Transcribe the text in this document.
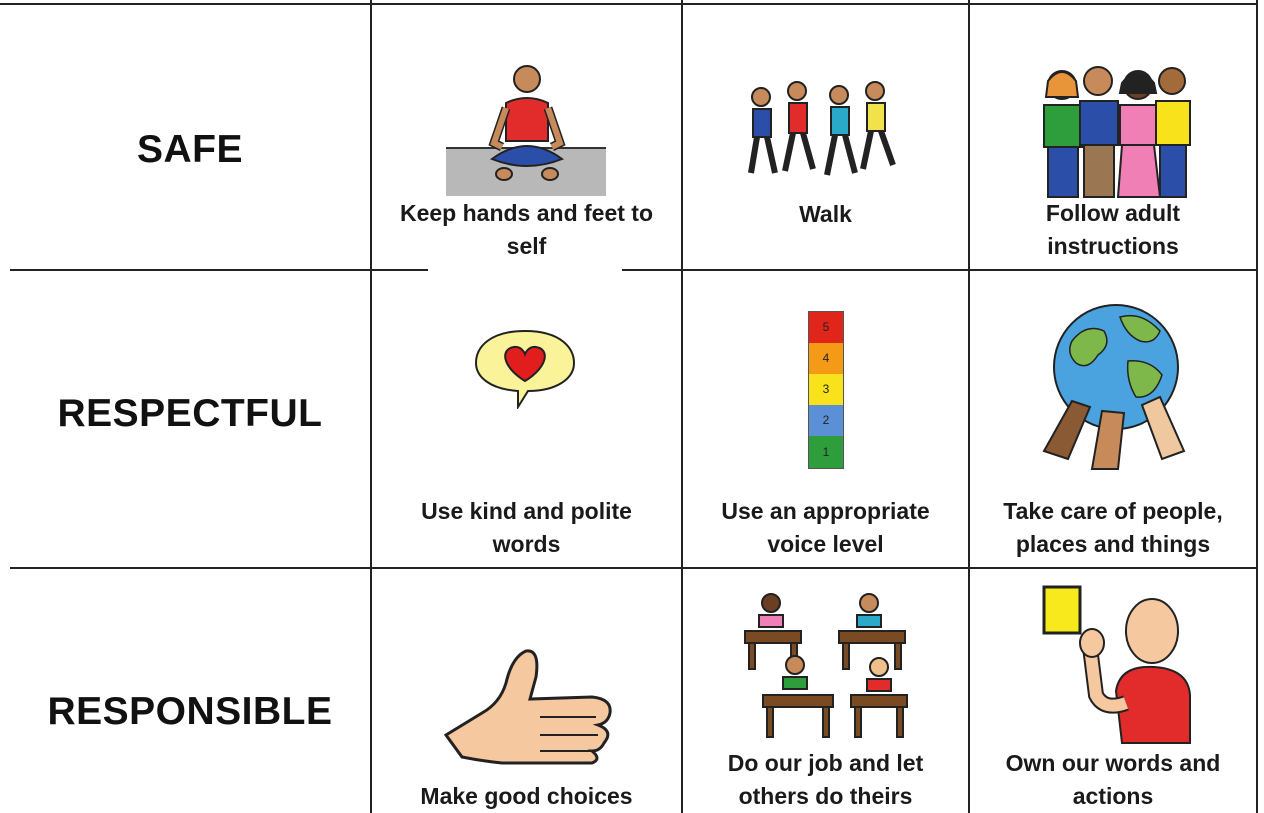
SAFE
RESPECTFUL
RESPONSIBLE
Keep hands and feet to self
Walk	Follow adult instructions
Use kind and polite words
5
4
3
2
1
Use an appropriate voice level
Take care of people, places and things
Make good choices
Do our job and let others do theirs
Own our words and actions
